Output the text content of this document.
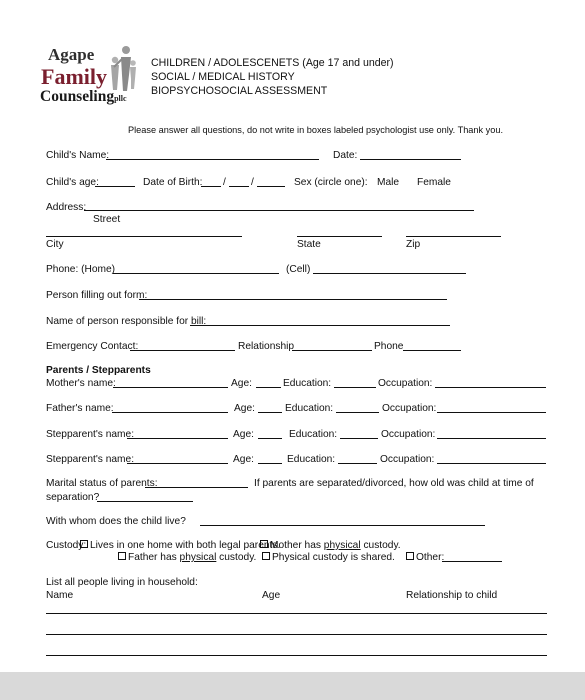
Agape
Family
Counselingpllc
CHILDREN / ADOLESCENETS (Age 17 and under)
SOCIAL / MEDICAL HISTORY
BIOPSYCHOSOCIAL ASSESSMENT
Please answer all questions, do not write in boxes labeled psychologist use only. Thank you.
Child's Name:	Date:
Child's age:	Date of Birth: / /	Sex (circle one): Male Female
Address:
Street
City	State	Zip
Phone: (Home)	(Cell)
Person filling out form:
Name of person responsible for bill:
Emergency Contact:	Relationship	Phone
Parents / Stepparents
Mother's name:	Age:	Education:	Occupation:
Father's name:	Age:	Education:	Occupation:
Stepparent's name:	Age:	Education:	Occupation:
Stepparent's name:	Age:	Education:	Occupation:
Marital status of parents:	If parents are separated/divorced, how old was child at time of
separation?
With whom does the child live?
Custody: Lives in one home with both legal parents.
Mother has physical custody.
Father has physical custody.	Physical custody is shared.	Other:
List all people living in household:
Name	Age	Relationship to child
